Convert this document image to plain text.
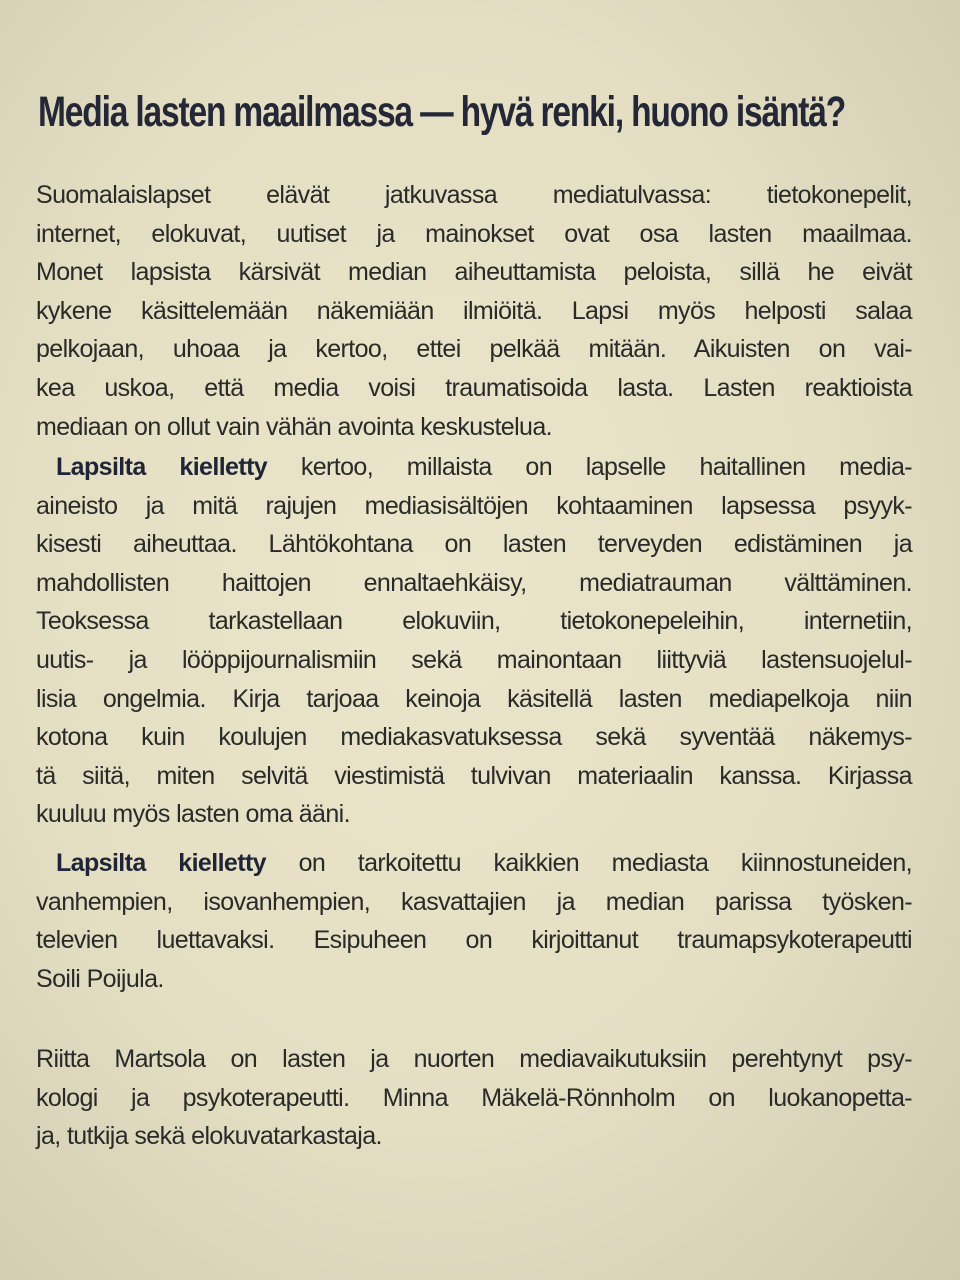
Media lasten maailmassa — hyvä renki, huono isäntä?
Suomalaislapset elävät jatkuvassa mediatulvassa: tietokonepelit,
internet, elokuvat, uutiset ja mainokset ovat osa lasten maailmaa.
Monet lapsista kärsivät median aiheuttamista peloista, sillä he eivät
kykene käsittelemään näkemiään ilmiöitä. Lapsi myös helposti salaa
pelkojaan, uhoaa ja kertoo, ettei pelkää mitään. Aikuisten on vai-
kea uskoa, että media voisi traumatisoida lasta. Lasten reaktioista
mediaan on ollut vain vähän avointa keskustelua.
Lapsilta kielletty kertoo, millaista on lapselle haitallinen media-
aineisto ja mitä rajujen mediasisältöjen kohtaaminen lapsessa psyyk-
kisesti aiheuttaa. Lähtökohtana on lasten terveyden edistäminen ja
mahdollisten haittojen ennaltaehkäisy, mediatrauman välttäminen.
Teoksessa tarkastellaan elokuviin, tietokonepeleihin, internetiin,
uutis- ja lööppijournalismiin sekä mainontaan liittyviä lastensuojelul-
lisia ongelmia. Kirja tarjoaa keinoja käsitellä lasten mediapelkoja niin
kotona kuin koulujen mediakasvatuksessa sekä syventää näkemys-
tä siitä, miten selvitä viestimistä tulvivan materiaalin kanssa. Kirjassa
kuuluu myös lasten oma ääni.
Lapsilta kielletty on tarkoitettu kaikkien mediasta kiinnostuneiden,
vanhempien, isovanhempien, kasvattajien ja median parissa työsken-
televien luettavaksi. Esipuheen on kirjoittanut traumapsykoterapeutti
Soili Poijula.
Riitta Martsola on lasten ja nuorten mediavaikutuksiin perehtynyt psy-
kologi ja psykoterapeutti. Minna Mäkelä-Rönnholm on luokanopetta-
ja, tutkija sekä elokuvatarkastaja.
